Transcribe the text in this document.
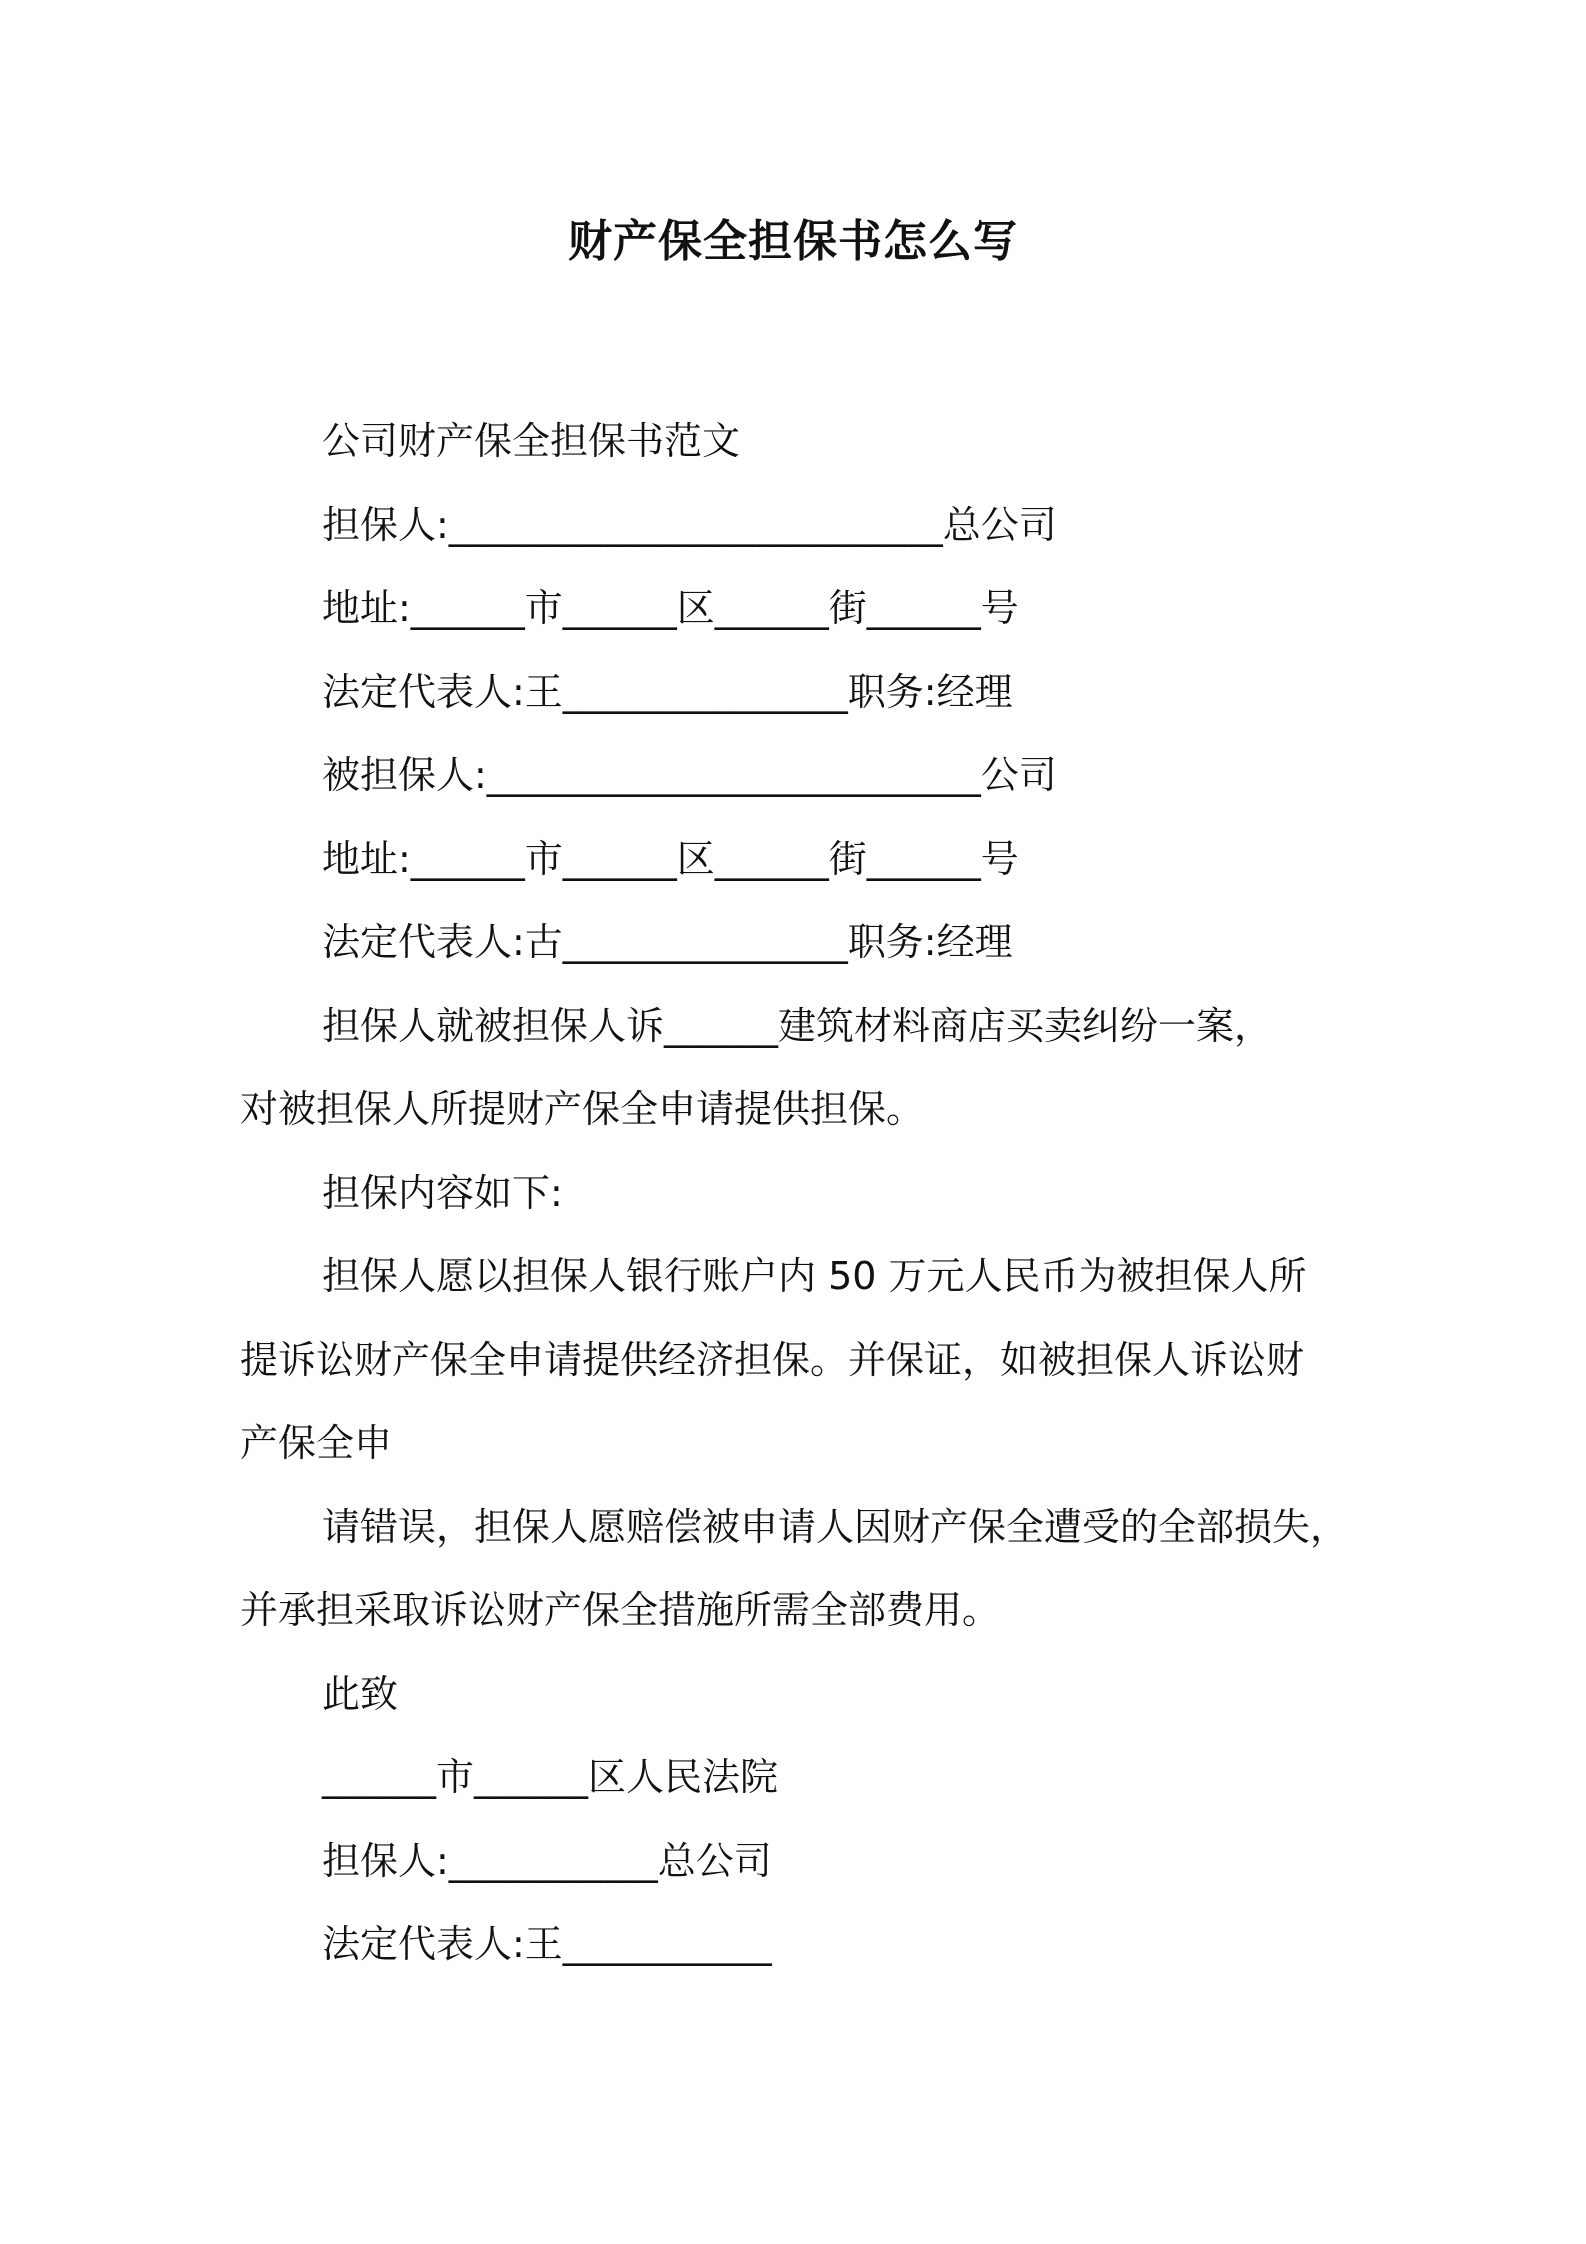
财产保全担保书怎么写

公司财产保全担保书范文

担保人:__________________________总公司

地址:______市______区______街______号

法定代表人:王_______________职务:经理

被担保人:__________________________公司

地址:______市______区______街______号

法定代表人:古_______________职务:经理

担保人就被担保人诉______建筑材料商店买卖纠纷一案，

对被担保人所提财产保全申请提供担保。

担保内容如下:

担保人愿以担保人银行账户内 50 万元人民币为被担保人所

提诉讼财产保全申请提供经济担保。并保证，如被担保人诉讼财

产保全申

请错误，担保人愿赔偿被申请人因财产保全遭受的全部损失，

并承担采取诉讼财产保全措施所需全部费用。

此致

______市______区人民法院

担保人:___________总公司

法定代表人:王___________
